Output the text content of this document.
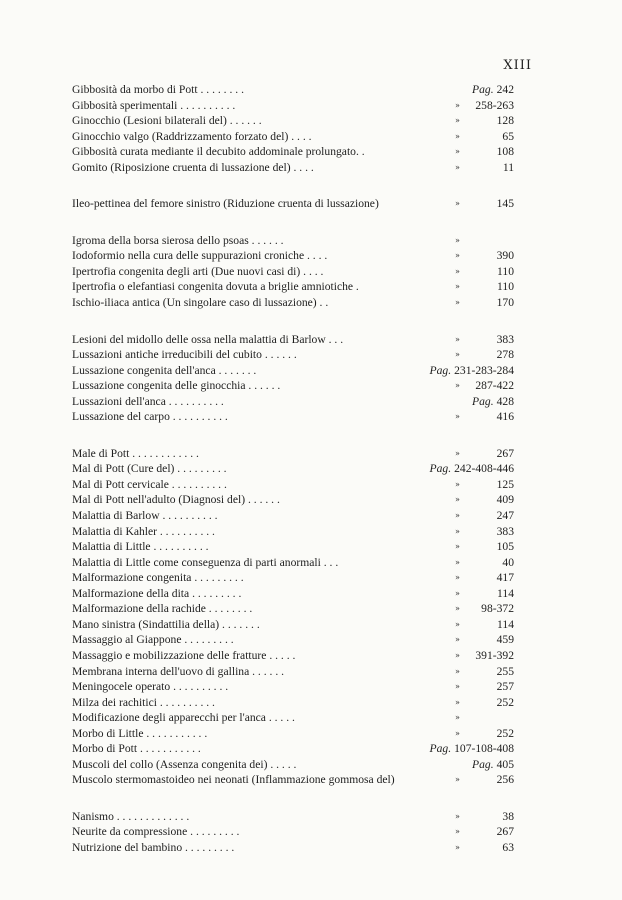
XIII
Gibbosità da morbo di Pott . . . . . . . .	Pag. 242
Gibbosità sperimentali . . . . . . . . . .	» 258-263
Ginocchio (Lesioni bilaterali del) . . . . . .	»	128
Ginocchio valgo (Raddrizzamento forzato del) . . . .	»	65
Gibbosità curata mediante il decubito addominale prolungato. .	»	108
Gomito (Riposizione cruenta di lussazione del) . . . .	»	11
Ileo-pettinea del femore sinistro (Riduzione cruenta di lussazione)	»	145
Igroma della borsa sierosa dello psoas . . . . . .	»
Iodoformio nella cura delle suppurazioni croniche . . . .	»	390
Ipertrofia congenita degli arti (Due nuovi casi di) . . . .	»	110
Ipertrofia o elefantiasi congenita dovuta a briglie amniotiche .	»	110
Ischio-iliaca antica (Un singolare caso di lussazione) . .	»	170
Lesioni del midollo delle ossa nella malattia di Barlow . . .	»	383
Lussazioni antiche irreducibili del cubito . . . . . .	»	278
Lussazione congenita dell'anca . . . . . . .	Pag. 231-283-284
Lussazione congenita delle ginocchia . . . . . .	» 287-422
Lussazioni dell'anca . . . . . . . . . .	Pag. 428
Lussazione del carpo . . . . . . . . . .	»	416
Male di Pott . . . . . . . . . . . .	»	267
Mal di Pott (Cure del) . . . . . . . . .	Pag. 242-408-446
Mal di Pott cervicale . . . . . . . . . .	»	125
Mal di Pott nell'adulto (Diagnosi del) . . . . . .	»	409
Malattia di Barlow . . . . . . . . . .	»	247
Malattia di Kahler . . . . . . . . . .	»	383
Malattia di Little . . . . . . . . . .	»	105
Malattia di Little come conseguenza di parti anormali . . .	»	40
Malformazione congenita . . . . . . . . .	»	417
Malformazione della dita . . . . . . . . .	»	114
Malformazione della rachide . . . . . . . .	» 98-372
Mano sinistra (Sindattilia della) . . . . . . .	»	114
Massaggio al Giappone . . . . . . . . .	»	459
Massaggio e mobilizzazione delle fratture . . . . .	» 391-392
Membrana interna dell'uovo di gallina . . . . . .	»	255
Meningocele operato . . . . . . . . . .	»	257
Milza dei rachitici . . . . . . . . . .	»	252
Modificazione degli apparecchi per l'anca . . . . .	»
Morbo di Little . . . . . . . . . . .	»	252
Morbo di Pott . . . . . . . . . . .	Pag. 107-108-408
Muscoli del collo (Assenza congenita dei) . . . . .	Pag. 405
Muscolo stermomastoideo nei neonati (Inflammazione gommosa del)	»	256
Nanismo . . . . . . . . . . . . .	»	38
Neurite da compressione . . . . . . . . .	»	267
Nutrizione del bambino . . . . . . . . .	»	63
